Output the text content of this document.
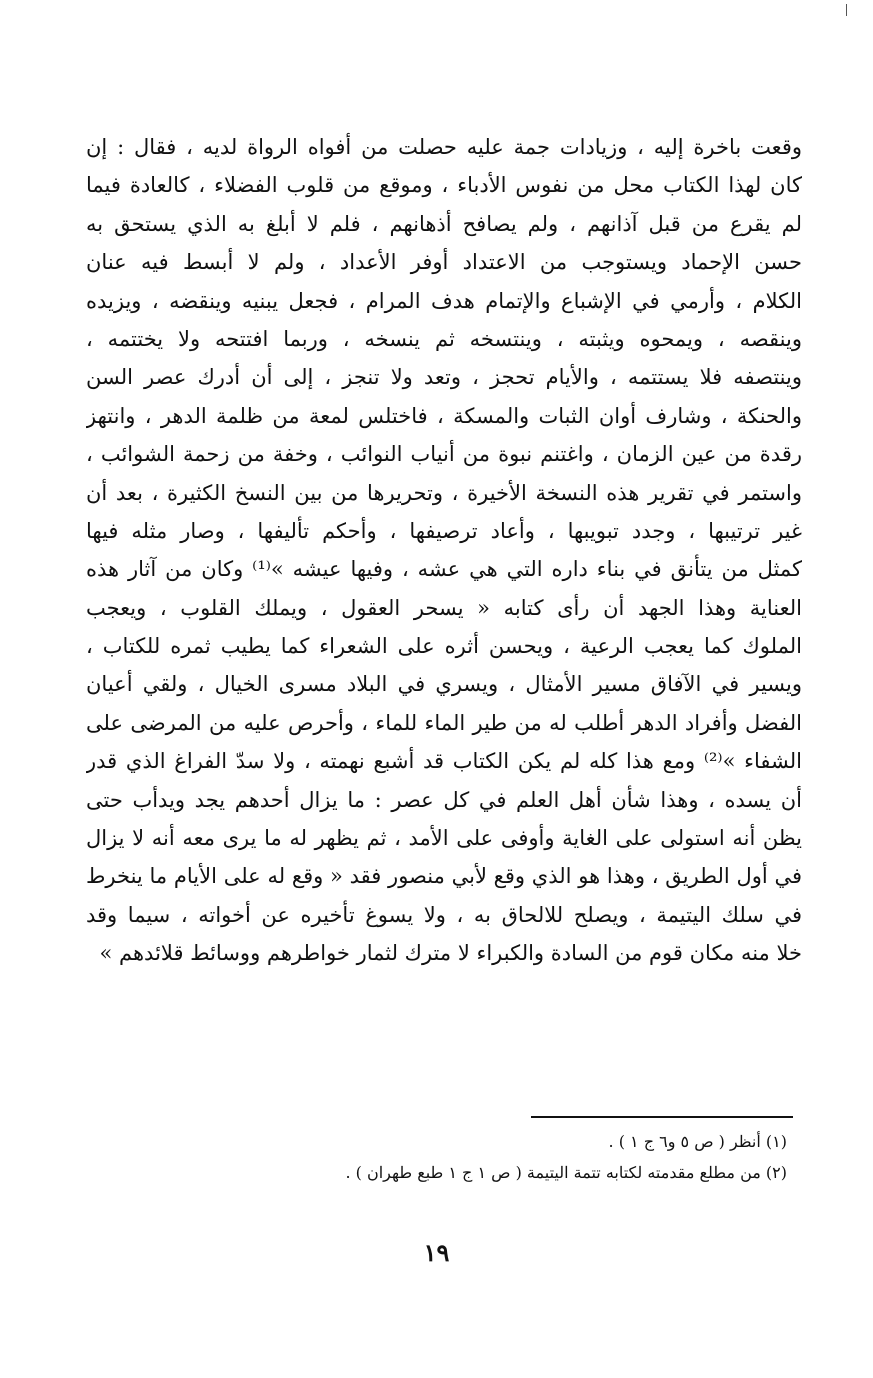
وقعت باخرة إليه ، وزيادات جمة عليه حصلت من أفواه الرواة لديه ، فقال : إن
كان لهذا الكتاب محل من نفوس الأدباء ، وموقع من قلوب الفضلاء ، كالعادة فيما
لم يقرع من قبل آذانهم ، ولم يصافح أذهانهم ، فلم لا أبلغ به الذي يستحق به
حسن الإحماد ويستوجب من الاعتداد أوفر الأعداد ، ولم لا أبسط فيه عنان
الكلام ، وأرمي في الإشباع والإتمام هدف المرام ، فجعل يبنيه وينقضه ، ويزيده
وينقصه ، ويمحوه ويثبته ، وينتسخه ثم ينسخه ، وربما افتتحه ولا يختتمه ،
وينتصفه فلا يستتمه ، والأيام تحجز ، وتعد ولا تنجز ، إلى أن أدرك عصر السن
والحنكة ، وشارف أوان الثبات والمسكة ، فاختلس لمعة من ظلمة الدهر ، وانتهز
رقدة من عين الزمان ، واغتنم نبوة من أنياب النوائب ، وخفة من زحمة الشوائب ،
واستمر في تقرير هذه النسخة الأخيرة ، وتحريرها من بين النسخ الكثيرة ، بعد أن
غير ترتيبها ، وجدد تبويبها ، وأعاد ترصيفها ، وأحكم تأليفها ، وصار مثله فيها
كمثل من يتأنق في بناء داره التي هي عشه ، وفيها عيشه »⁽¹⁾ وكان من آثار هذه
العناية وهذا الجهد أن رأى كتابه « يسحر العقول ، ويملك القلوب ، ويعجب
الملوك كما يعجب الرعية ، ويحسن أثره على الشعراء كما يطيب ثمره للكتاب ،
ويسير في الآفاق مسير الأمثال ، ويسري في البلاد مسرى الخيال ، ولقي أعيان
الفضل وأفراد الدهر أطلب له من طير الماء للماء ، وأحرص عليه من المرضى على
الشفاء »⁽²⁾ ومع هذا كله لم يكن الكتاب قد أشبع نهمته ، ولا سدّ الفراغ الذي قدر
أن يسده ، وهذا شأن أهل العلم في كل عصر : ما يزال أحدهم يجد ويدأب حتى
يظن أنه استولى على الغاية وأوفى على الأمد ، ثم يظهر له ما يرى معه أنه لا يزال
في أول الطريق ، وهذا هو الذي وقع لأبي منصور فقد « وقع له على الأيام ما ينخرط
في سلك اليتيمة ، ويصلح للالحاق به ، ولا يسوغ تأخيره عن أخواته ، سيما وقد
خلا منه مكان قوم من السادة والكبراء لا مترك لثمار خواطرهم ووسائط قلائدهم »
(١) أنظر ( ص ٥ و٦ ج ١ ) .
(٢) من مطلع مقدمته لكتابه تتمة اليتيمة ( ص ١ ج ١ طبع طهران ) .
١٩
